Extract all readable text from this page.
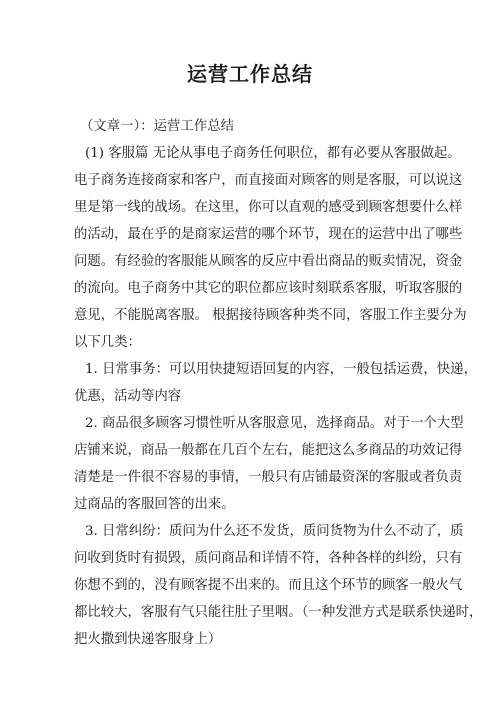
运营工作总结
（文章一）：运营工作总结
(1) 客服篇 无论从事电子商务任何职位，都有必要从客服做起。
电子商务连接商家和客户，而直接面对顾客的则是客服，可以说这
里是第一线的战场。在这里，你可以直观的感受到顾客想要什么样
的活动，最在乎的是商家运营的哪个环节，现在的运营中出了哪些
问题。有经验的客服能从顾客的反应中看出商品的贩卖情况，资金
的流向。电子商务中其它的职位都应该时刻联系客服，听取客服的
意见，不能脱离客服。 根据接待顾客种类不同，客服工作主要分为
以下几类：
1. 日常事务：可以用快捷短语回复的内容，一般包括运费，快递，
优惠，活动等内容
2. 商品很多顾客习惯性听从客服意见，选择商品。对于一个大型
店铺来说，商品一般都在几百个左右，能把这么多商品的功效记得
清楚是一件很不容易的事情，一般只有店铺最资深的客服或者负责
过商品的客服回答的出来。
3. 日常纠纷：质问为什么还不发货，质问货物为什么不动了，质
问收到货时有损毁，质问商品和详情不符，各种各样的纠纷，只有
你想不到的，没有顾客提不出来的。而且这个环节的顾客一般火气
都比较大，客服有气只能往肚子里咽。（一种发泄方式是联系快递时，
把火撒到快递客服身上）
